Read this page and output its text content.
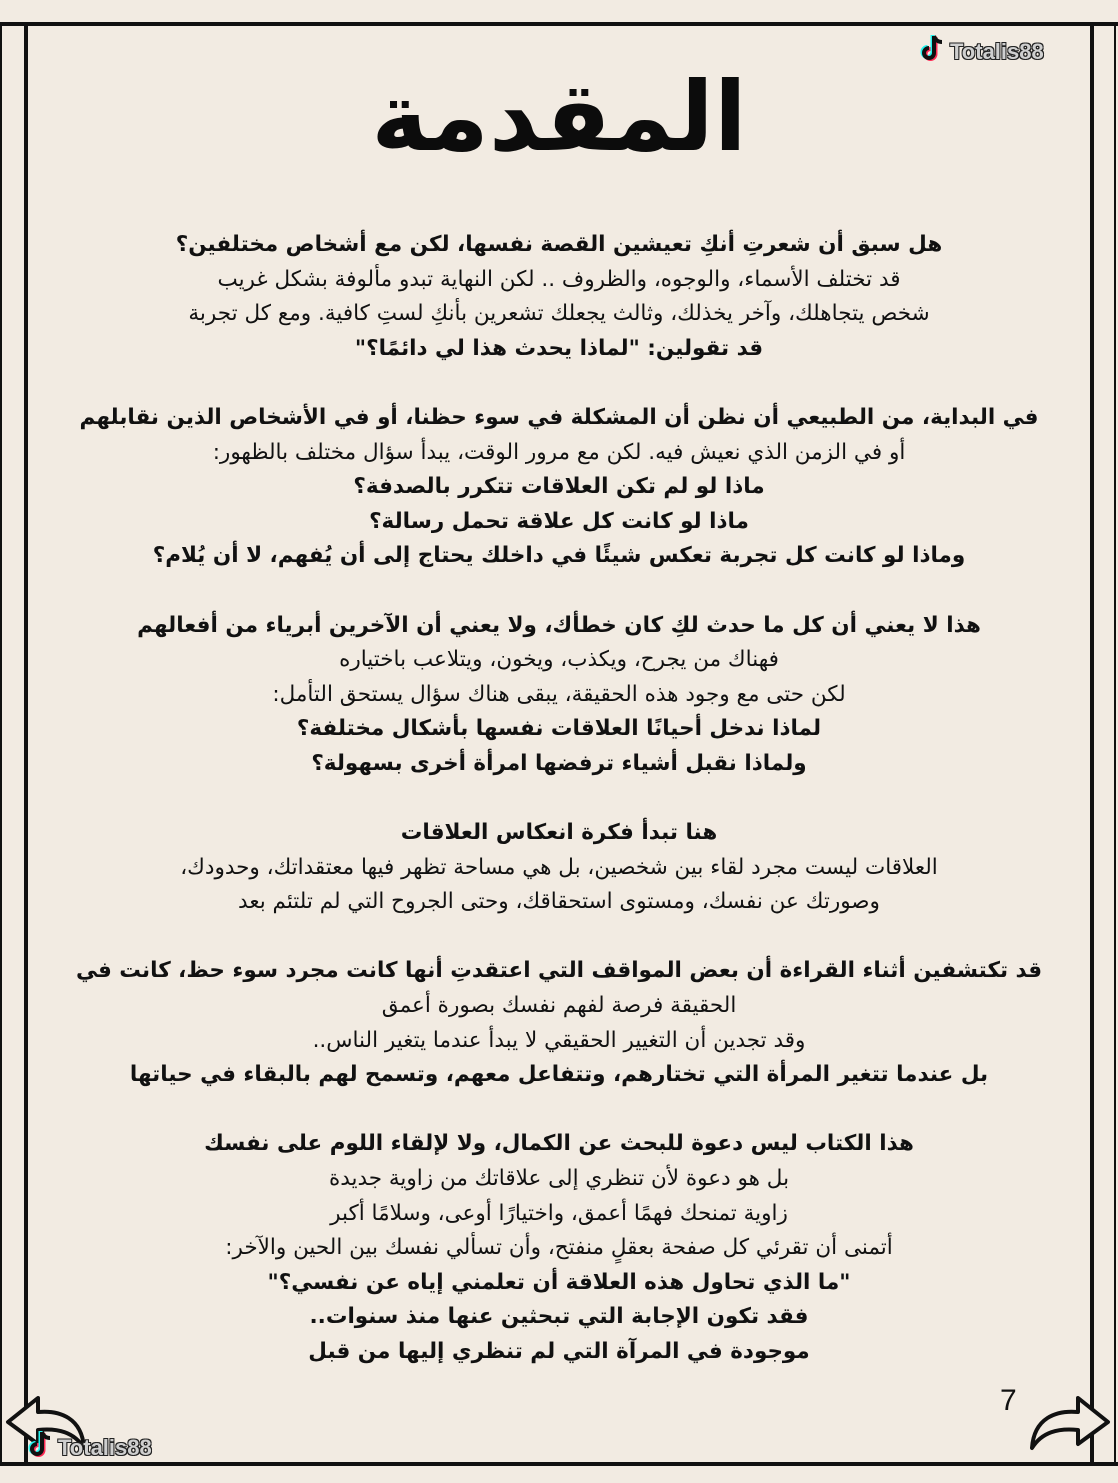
Totalis88
المقدمة
هل سبق أن شعرتِ أنكِ تعيشين القصة نفسها، لكن مع أشخاص مختلفين؟
قد تختلف الأسماء، والوجوه، والظروف .. لكن النهاية تبدو مألوفة بشكل غريب
شخص يتجاهلك، وآخر يخذلك، وثالث يجعلك تشعرين بأنكِ لستِ كافية. ومع كل تجربة
قد تقولين: "لماذا يحدث هذا لي دائمًا؟"
في البداية، من الطبيعي أن نظن أن المشكلة في سوء حظنا، أو في الأشخاص الذين نقابلهم
أو في الزمن الذي نعيش فيه. لكن مع مرور الوقت، يبدأ سؤال مختلف بالظهور:
ماذا لو لم تكن العلاقات تتكرر بالصدفة؟
ماذا لو كانت كل علاقة تحمل رسالة؟
وماذا لو كانت كل تجربة تعكس شيئًا في داخلك يحتاج إلى أن يُفهم، لا أن يُلام؟
هذا لا يعني أن كل ما حدث لكِ كان خطأك، ولا يعني أن الآخرين أبرياء من أفعالهم
فهناك من يجرح، ويكذب، ويخون، ويتلاعب باختياره
لكن حتى مع وجود هذه الحقيقة، يبقى هناك سؤال يستحق التأمل:
لماذا ندخل أحيانًا العلاقات نفسها بأشكال مختلفة؟
ولماذا نقبل أشياء ترفضها امرأة أخرى بسهولة؟
هنا تبدأ فكرة انعكاس العلاقات
العلاقات ليست مجرد لقاء بين شخصين، بل هي مساحة تظهر فيها معتقداتك، وحدودك،
وصورتك عن نفسك، ومستوى استحقاقك، وحتى الجروح التي لم تلتئم بعد
قد تكتشفين أثناء القراءة أن بعض المواقف التي اعتقدتِ أنها كانت مجرد سوء حظ، كانت في
الحقيقة فرصة لفهم نفسك بصورة أعمق
وقد تجدين أن التغيير الحقيقي لا يبدأ عندما يتغير الناس..
بل عندما تتغير المرأة التي تختارهم، وتتفاعل معهم، وتسمح لهم بالبقاء في حياتها
هذا الكتاب ليس دعوة للبحث عن الكمال، ولا لإلقاء اللوم على نفسك
بل هو دعوة لأن تنظري إلى علاقاتك من زاوية جديدة
زاوية تمنحك فهمًا أعمق، واختيارًا أوعى، وسلامًا أكبر
أتمنى أن تقرئي كل صفحة بعقلٍ منفتح، وأن تسألي نفسك بين الحين والآخر:
"ما الذي تحاول هذه العلاقة أن تعلمني إياه عن نفسي؟"
فقد تكون الإجابة التي تبحثين عنها منذ سنوات..
موجودة في المرآة التي لم تنظري إليها من قبل
7
Totalis88
